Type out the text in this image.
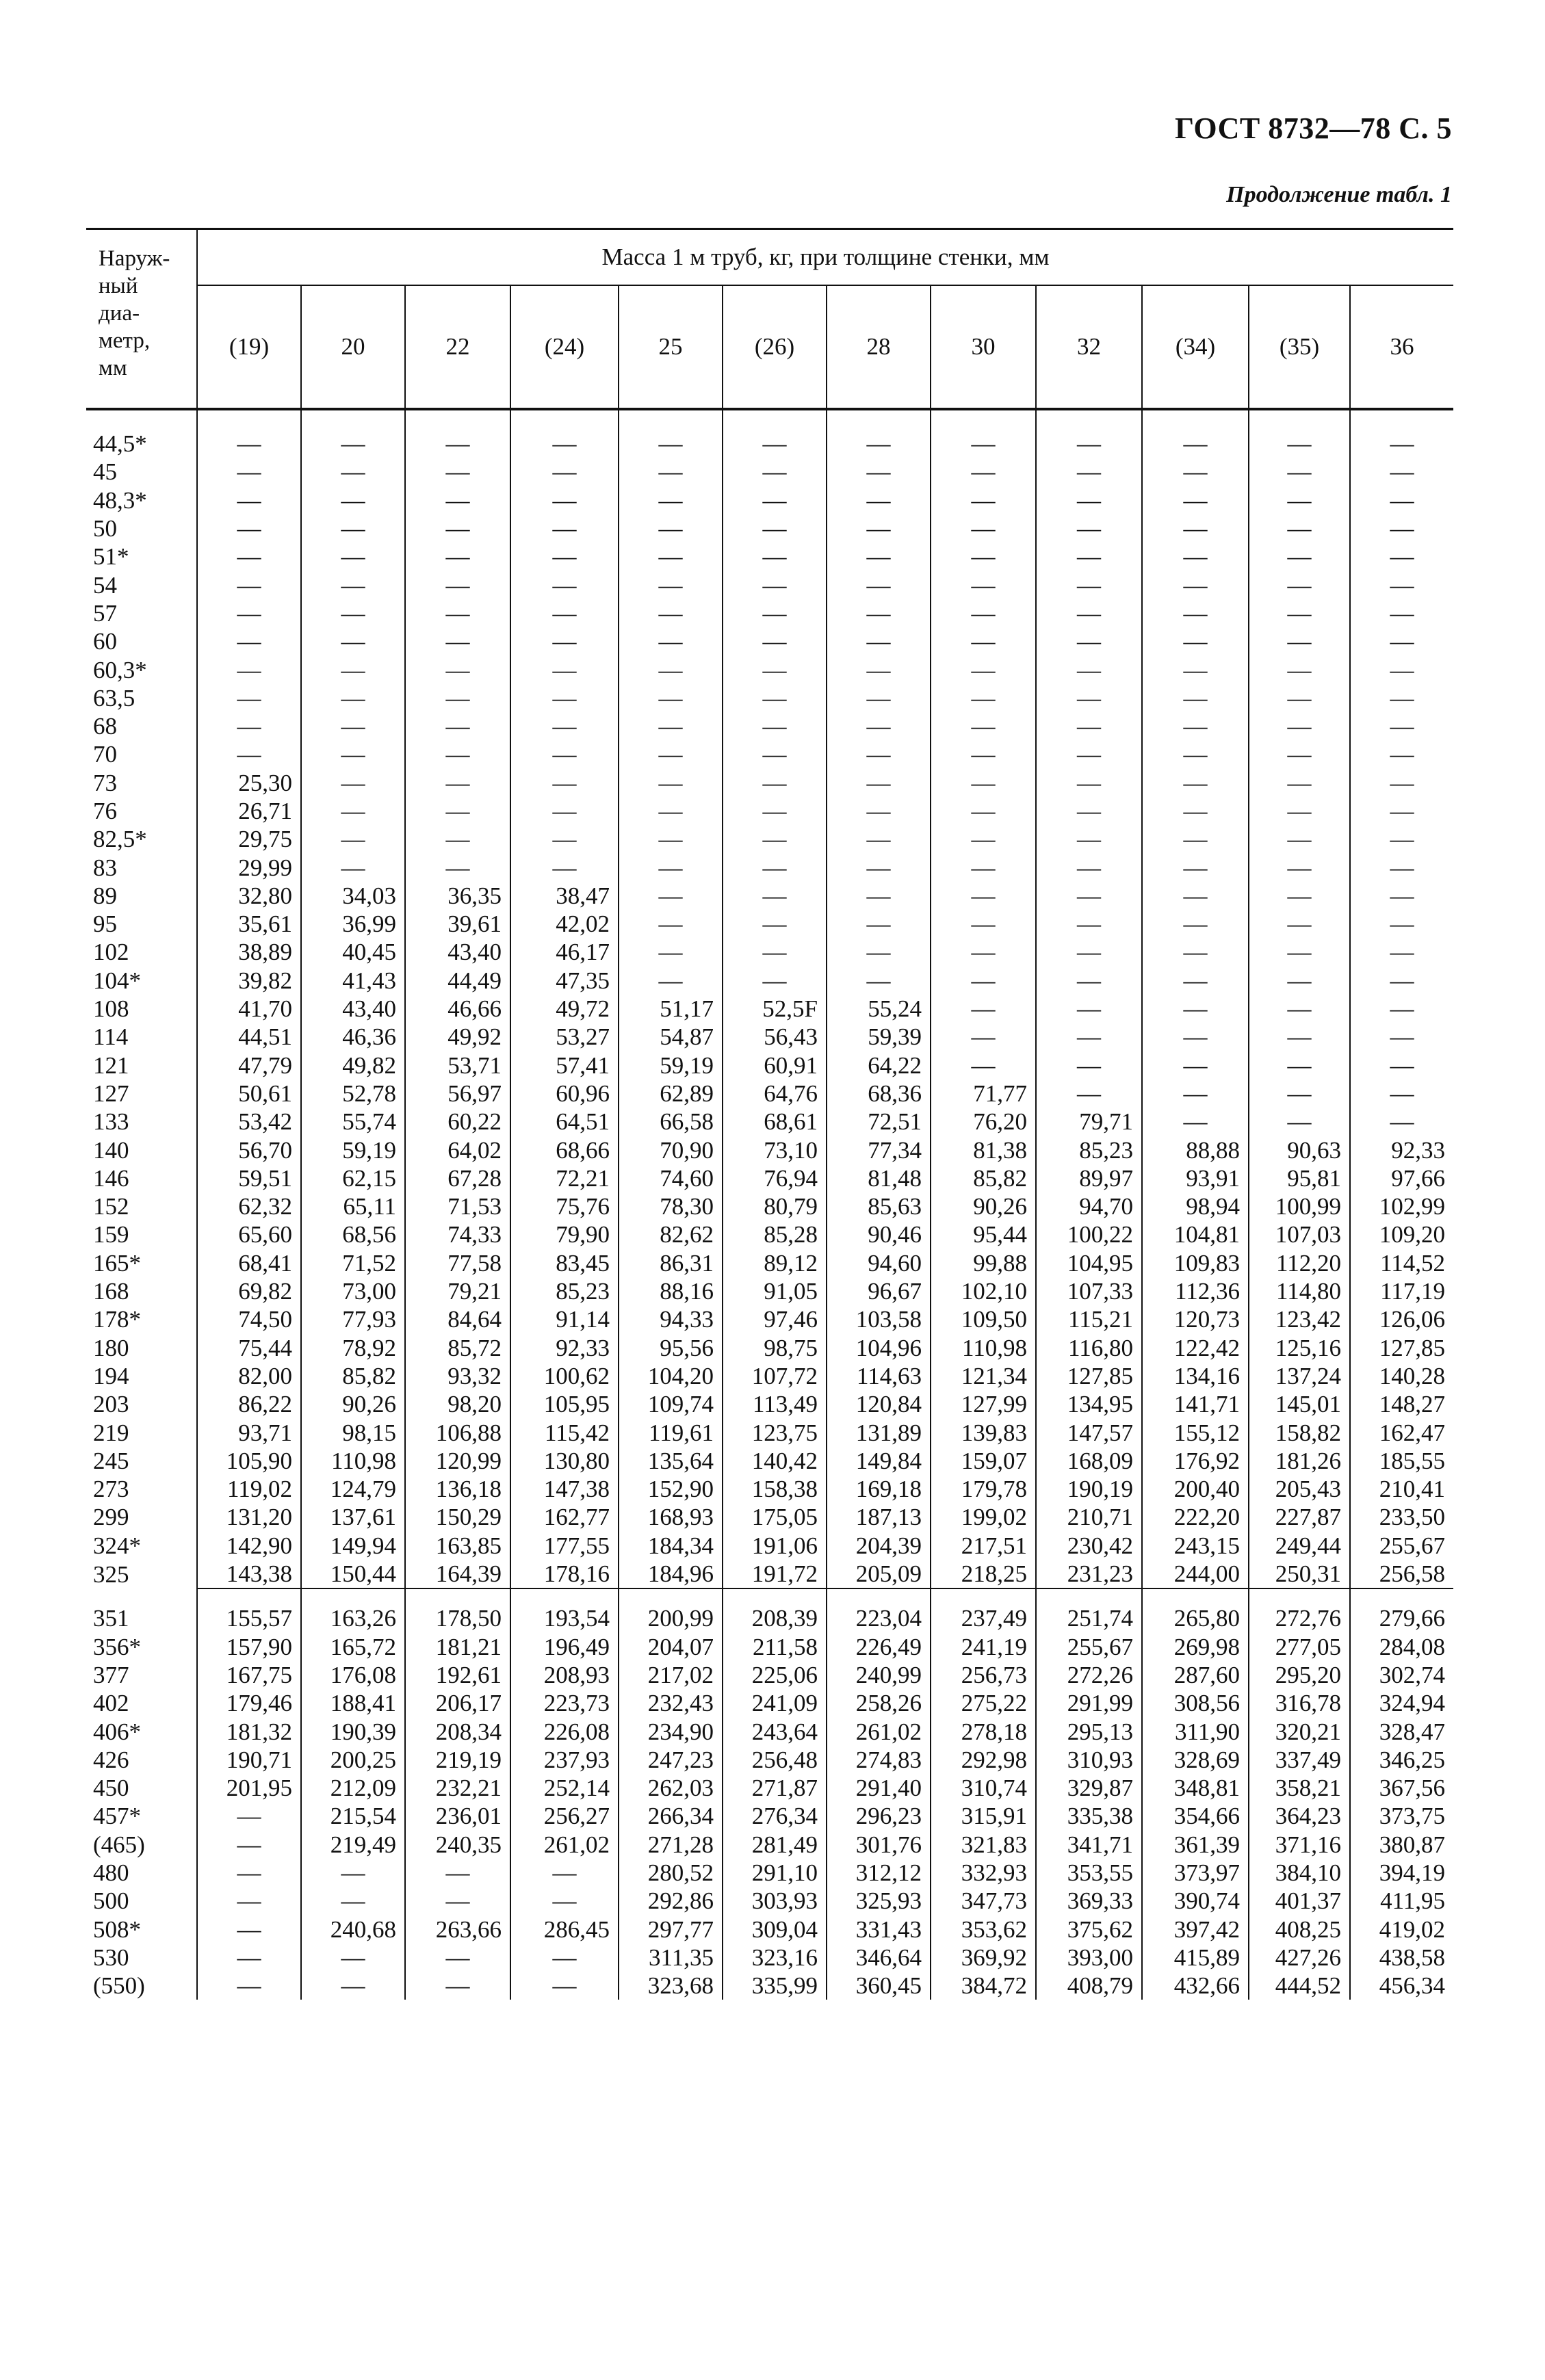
ГОСТ 8732—78 С. 5
Продолжение табл. 1
Наруж-
ный
диа-
метр,
мм	Масса 1 м труб, кг, при толщине стенки, мм											
	(19)	20	22	(24)	25	(26)	28	30	32	(34)	(35)	36
44,5*	—	—	—	—	—	—	—	—	—	—	—	—
45	—	—	—	—	—	—	—	—	—	—	—	—
48,3*	—	—	—	—	—	—	—	—	—	—	—	—
50	—	—	—	—	—	—	—	—	—	—	—	—
51*	—	—	—	—	—	—	—	—	—	—	—	—
54	—	—	—	—	—	—	—	—	—	—	—	—
57	—	—	—	—	—	—	—	—	—	—	—	—
60	—	—	—	—	—	—	—	—	—	—	—	—
60,3*	—	—	—	—	—	—	—	—	—	—	—	—
63,5	—	—	—	—	—	—	—	—	—	—	—	—
68	—	—	—	—	—	—	—	—	—	—	—	—
70	—	—	—	—	—	—	—	—	—	—	—	—
73	25,30	—	—	—	—	—	—	—	—	—	—	—
76	26,71	—	—	—	—	—	—	—	—	—	—	—
82,5*	29,75	—	—	—	—	—	—	—	—	—	—	—
83	29,99	—	—	—	—	—	—	—	—	—	—	—
89	32,80	34,03	36,35	38,47	—	—	—	—	—	—	—	—
95	35,61	36,99	39,61	42,02	—	—	—	—	—	—	—	—
102	38,89	40,45	43,40	46,17	—	—	—	—	—	—	—	—
104*	39,82	41,43	44,49	47,35	—	—	—	—	—	—	—	—
108	41,70	43,40	46,66	49,72	51,17	52,5F	55,24	—	—	—	—	—
114	44,51	46,36	49,92	53,27	54,87	56,43	59,39	—	—	—	—	—
121	47,79	49,82	53,71	57,41	59,19	60,91	64,22	—	—	—	—	—
127	50,61	52,78	56,97	60,96	62,89	64,76	68,36	71,77	—	—	—	—
133	53,42	55,74	60,22	64,51	66,58	68,61	72,51	76,20	79,71	—	—	—
140	56,70	59,19	64,02	68,66	70,90	73,10	77,34	81,38	85,23	88,88	90,63	92,33
146	59,51	62,15	67,28	72,21	74,60	76,94	81,48	85,82	89,97	93,91	95,81	97,66
152	62,32	65,11	71,53	75,76	78,30	80,79	85,63	90,26	94,70	98,94	100,99	102,99
159	65,60	68,56	74,33	79,90	82,62	85,28	90,46	95,44	100,22	104,81	107,03	109,20
165*	68,41	71,52	77,58	83,45	86,31	89,12	94,60	99,88	104,95	109,83	112,20	114,52
168	69,82	73,00	79,21	85,23	88,16	91,05	96,67	102,10	107,33	112,36	114,80	117,19
178*	74,50	77,93	84,64	91,14	94,33	97,46	103,58	109,50	115,21	120,73	123,42	126,06
180	75,44	78,92	85,72	92,33	95,56	98,75	104,96	110,98	116,80	122,42	125,16	127,85
194	82,00	85,82	93,32	100,62	104,20	107,72	114,63	121,34	127,85	134,16	137,24	140,28
203	86,22	90,26	98,20	105,95	109,74	113,49	120,84	127,99	134,95	141,71	145,01	148,27
219	93,71	98,15	106,88	115,42	119,61	123,75	131,89	139,83	147,57	155,12	158,82	162,47
245	105,90	110,98	120,99	130,80	135,64	140,42	149,84	159,07	168,09	176,92	181,26	185,55
273	119,02	124,79	136,18	147,38	152,90	158,38	169,18	179,78	190,19	200,40	205,43	210,41
299	131,20	137,61	150,29	162,77	168,93	175,05	187,13	199,02	210,71	222,20	227,87	233,50
324*	142,90	149,94	163,85	177,55	184,34	191,06	204,39	217,51	230,42	243,15	249,44	255,67
325	143,38	150,44	164,39	178,16	184,96	191,72	205,09	218,25	231,23	244,00	250,31	256,58

351	155,57	163,26	178,50	193,54	200,99	208,39	223,04	237,49	251,74	265,80	272,76	279,66
356*	157,90	165,72	181,21	196,49	204,07	211,58	226,49	241,19	255,67	269,98	277,05	284,08
377	167,75	176,08	192,61	208,93	217,02	225,06	240,99	256,73	272,26	287,60	295,20	302,74
402	179,46	188,41	206,17	223,73	232,43	241,09	258,26	275,22	291,99	308,56	316,78	324,94
406*	181,32	190,39	208,34	226,08	234,90	243,64	261,02	278,18	295,13	311,90	320,21	328,47
426	190,71	200,25	219,19	237,93	247,23	256,48	274,83	292,98	310,93	328,69	337,49	346,25
450	201,95	212,09	232,21	252,14	262,03	271,87	291,40	310,74	329,87	348,81	358,21	367,56
457*	—	215,54	236,01	256,27	266,34	276,34	296,23	315,91	335,38	354,66	364,23	373,75
(465)	—	219,49	240,35	261,02	271,28	281,49	301,76	321,83	341,71	361,39	371,16	380,87
480	—	—	—	—	280,52	291,10	312,12	332,93	353,55	373,97	384,10	394,19
500	—	—	—	—	292,86	303,93	325,93	347,73	369,33	390,74	401,37	411,95
508*	—	240,68	263,66	286,45	297,77	309,04	331,43	353,62	375,62	397,42	408,25	419,02
530	—	—	—	—	311,35	323,16	346,64	369,92	393,00	415,89	427,26	438,58
(550)	—	—	—	—	323,68	335,99	360,45	384,72	408,79	432,66	444,52	456,34
